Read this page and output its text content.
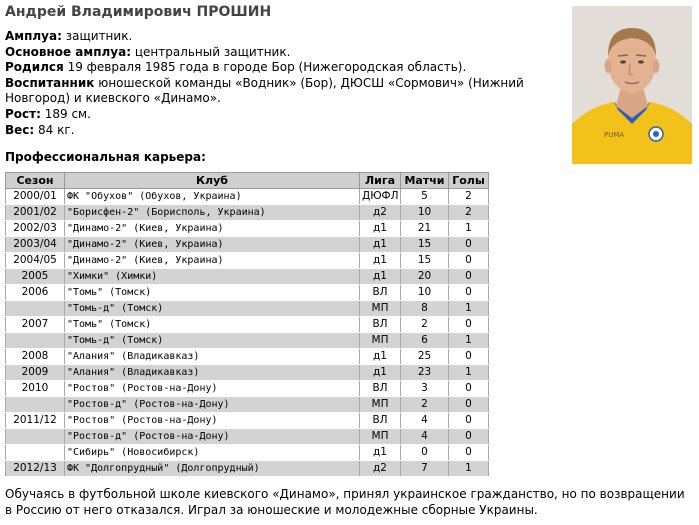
Андрей Владимирович ПРОШИН
PUMA

Амплуа: защитник.

Основное амплуа: центральный защитник.

Родился 19 февраля 1985 года в городе Бор (Нижегородская область).

Воспитанник юношеской команды «Водник» (Бор), ДЮСШ «Сормович» (Нижний Новгород) и киевского «Динамо».

Рост: 189 см.

Вес: 84 кг.

Профессиональная карьера:
Сезон	Клуб	Лига	Матчи	Голы
2000/01	ФК "Обухов" (Обухов, Украина)	ДЮФЛ	5	2
2001/02	"Борисфен-2" (Борисполь, Украина)	д2	10	2
2002/03	"Динамо-2" (Киев, Украина)	д1	21	1
2003/04	"Динамо-2" (Киев, Украина)	д1	15	0
2004/05	"Динамо-2" (Киев, Украина)	д1	15	0
2005	"Химки" (Химки)	д1	20	0
2006	"Томь" (Томск)	ВЛ	10	0
	"Томь-д" (Томск)	МП	8	1
2007	"Томь" (Томск)	ВЛ	2	0
	"Томь-д" (Томск)	МП	6	1
2008	"Алания" (Владикавказ)	д1	25	0
2009	"Алания" (Владикавказ)	д1	23	1
2010	"Ростов" (Ростов-на-Дону)	ВЛ	3	0
	"Ростов-д" (Ростов-на-Дону)	МП	2	0
2011/12	"Ростов" (Ростов-на-Дону)	ВЛ	4	0
	"Ростов-д" (Ростов-на-Дону)	МП	4	0
	"Сибирь" (Новосибирск)	д1	0	0
2012/13	ФК "Долгопрудный" (Долгопрудный)	д2	7	1
Обучаясь в футбольной школе киевского «Динамо», принял украинское гражданство, но по возвращении в Россию от него отказался. Играл за юношеские и молодежные сборные Украины.
